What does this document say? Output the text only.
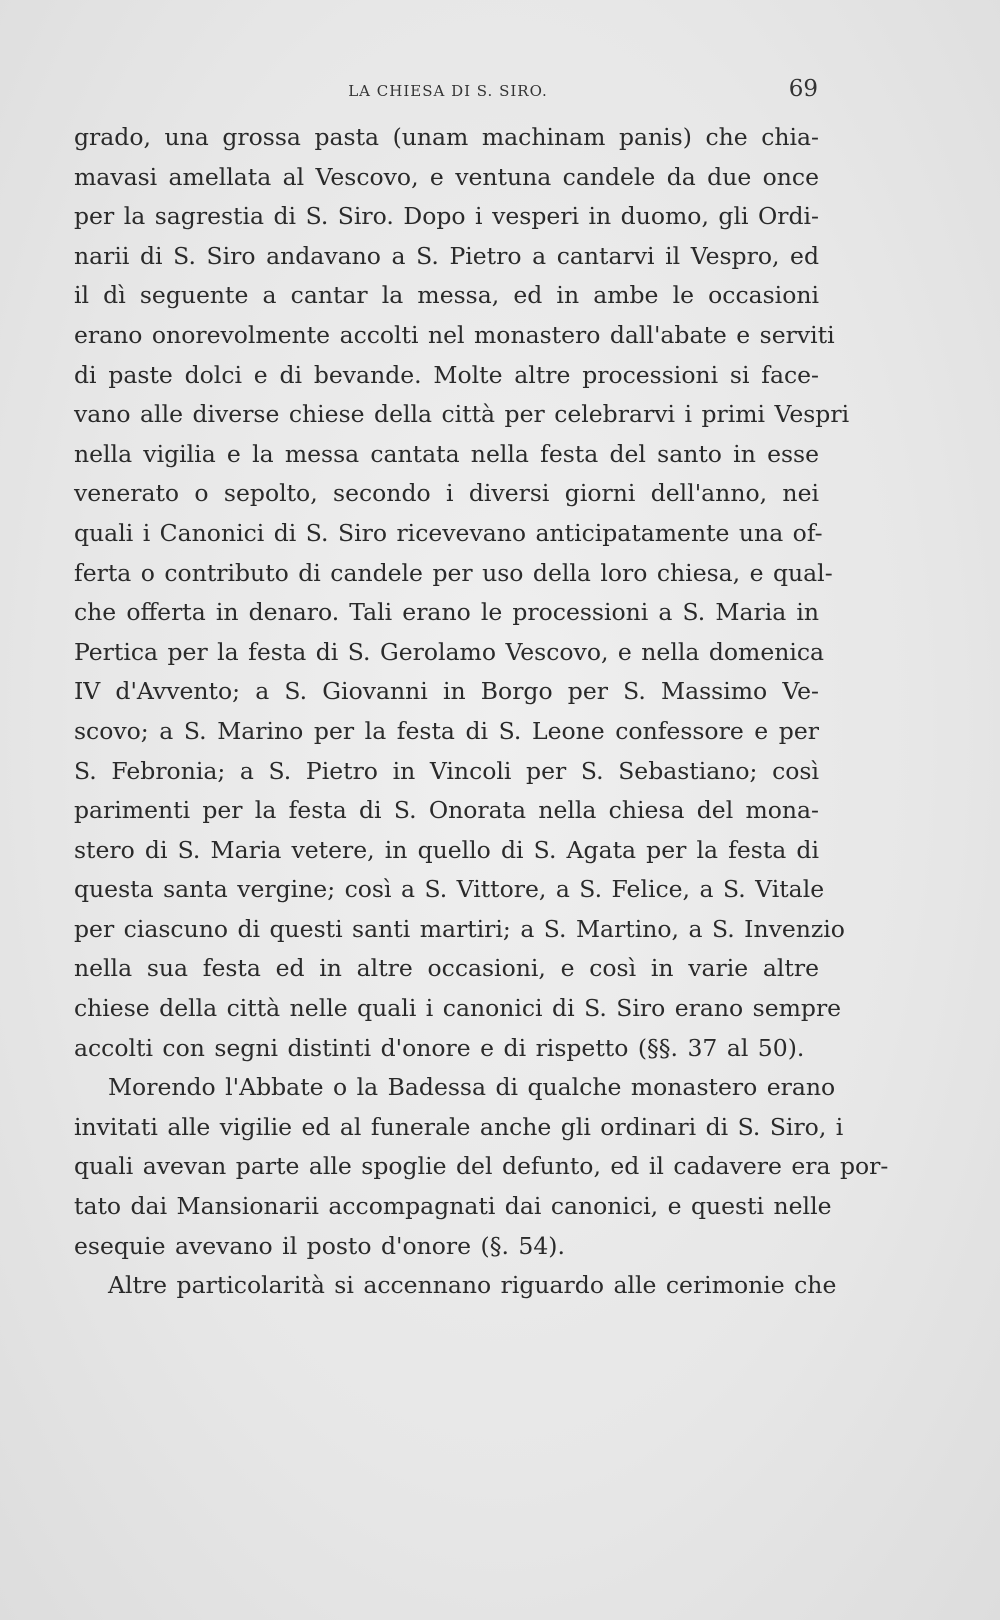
LA CHIESA DI S. SIRO.	69
grado, una grossa pasta (unam machinam panis) che chia-
mavasi amellata al Vescovo, e ventuna candele da due once
per la sagrestia di S. Siro. Dopo i vesperi in duomo, gli Ordi-
narii di S. Siro andavano a S. Pietro a cantarvi il Vespro, ed
il dì seguente a cantar la messa, ed in ambe le occasioni
erano onorevolmente accolti nel monastero dall'abate e serviti
di paste dolci e di bevande. Molte altre processioni si face-
vano alle diverse chiese della città per celebrarvi i primi Vespri
nella vigilia e la messa cantata nella festa del santo in esse
venerato o sepolto, secondo i diversi giorni dell'anno, nei
quali i Canonici di S. Siro ricevevano anticipatamente una of-
ferta o contributo di candele per uso della loro chiesa, e qual-
che offerta in denaro. Tali erano le processioni a S. Maria in
Pertica per la festa di S. Gerolamo Vescovo, e nella domenica
IV d'Avvento; a S. Giovanni in Borgo per S. Massimo Ve-
scovo; a S. Marino per la festa di S. Leone confessore e per
S. Febronia; a S. Pietro in Vincoli per S. Sebastiano; così
parimenti per la festa di S. Onorata nella chiesa del mona-
stero di S. Maria vetere, in quello di S. Agata per la festa di
questa santa vergine; così a S. Vittore, a S. Felice, a S. Vitale
per ciascuno di questi santi martiri; a S. Martino, a S. Invenzio
nella sua festa ed in altre occasioni, e così in varie altre
chiese della città nelle quali i canonici di S. Siro erano sempre
accolti con segni distinti d'onore e di rispetto (§§. 37 al 50).
Morendo l'Abbate o la Badessa di qualche monastero erano
invitati alle vigilie ed al funerale anche gli ordinari di S. Siro, i
quali avevan parte alle spoglie del defunto, ed il cadavere era por-
tato dai Mansionarii accompagnati dai canonici, e questi nelle
esequie avevano il posto d'onore (§. 54).
Altre particolarità si accennano riguardo alle cerimonie che
